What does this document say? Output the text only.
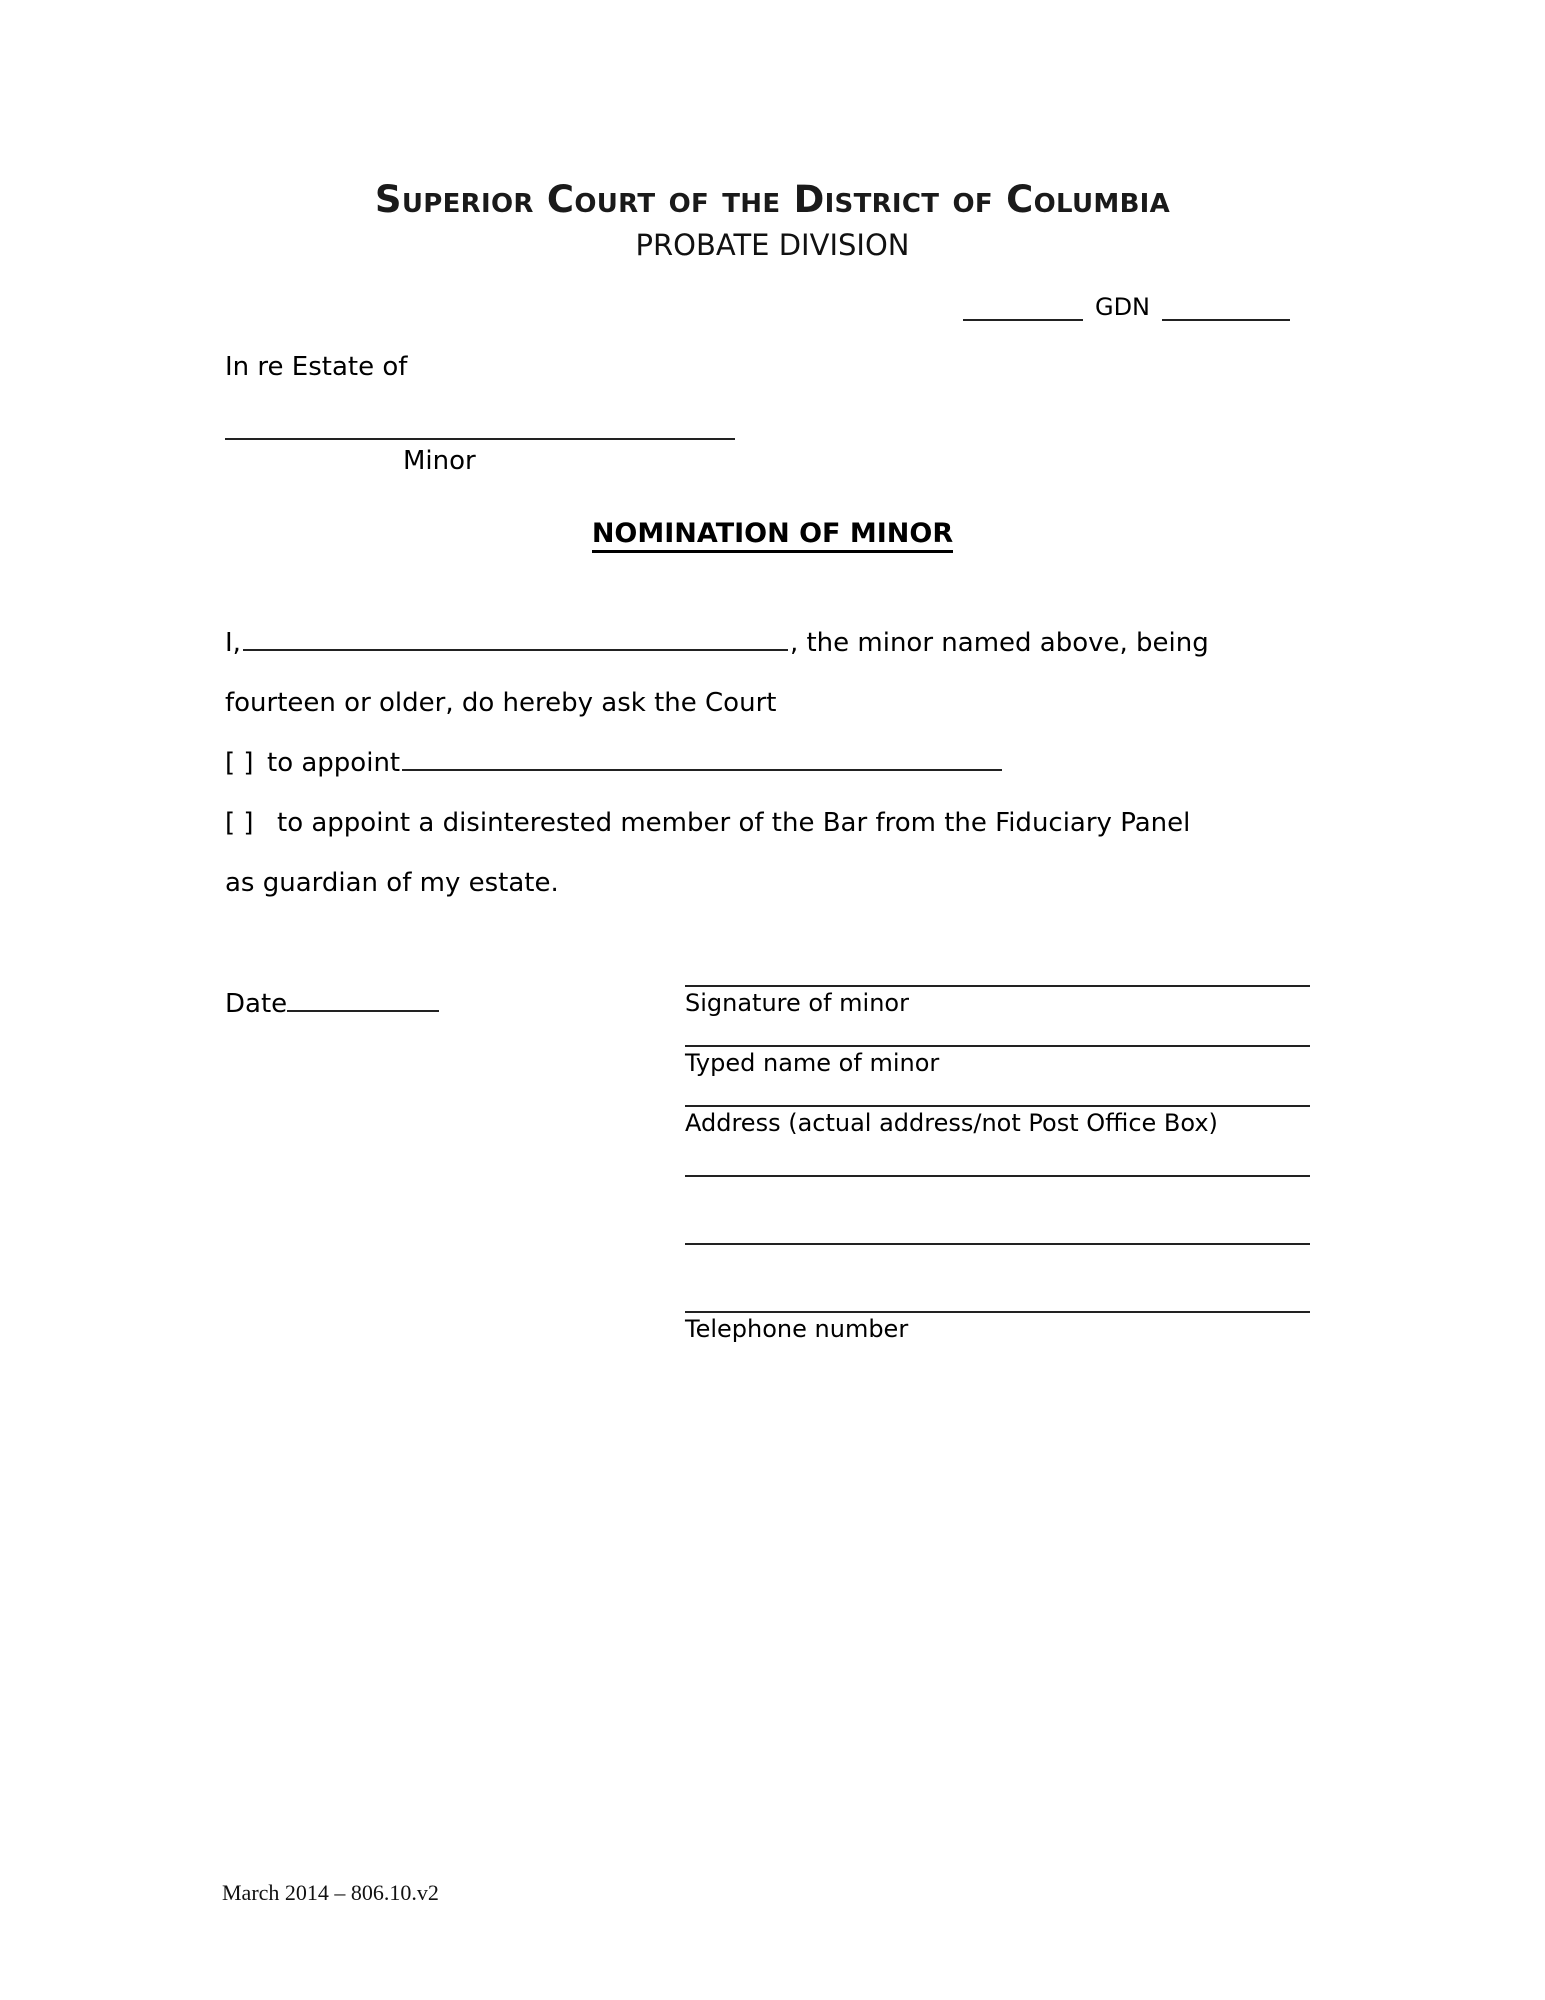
Superior Court of the District of Columbia
PROBATE DIVISION
GDN
In re Estate of
Minor
NOMINATION OF MINOR
I,	, the minor named above, being
fourteen or older, do hereby ask the Court
[ ] to appoint
[ ] to appoint a disinterested member of the Bar from the Fiduciary Panel
as guardian of my estate.
Date	Signature of minor
Typed name of minor
Address (actual address/not Post Office Box)
Telephone number
March 2014 – 806.10.v2
